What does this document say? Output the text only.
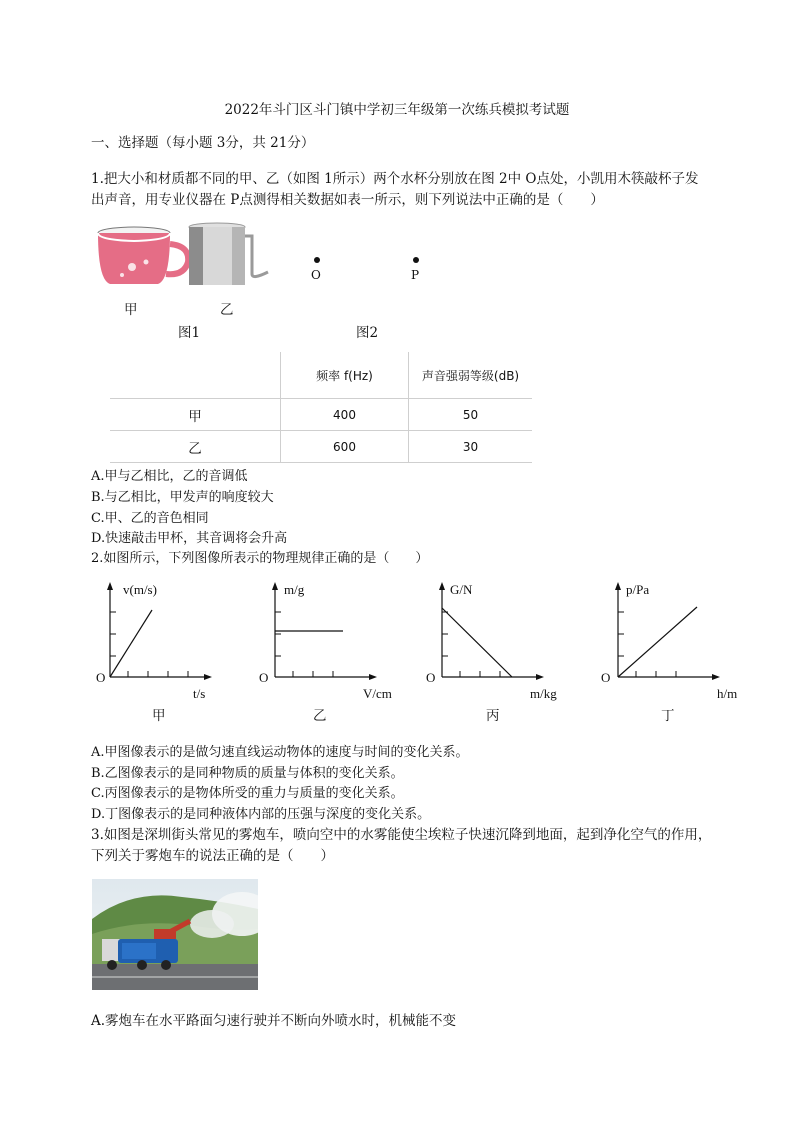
2022年斗门区斗门镇中学初三年级第一次练兵模拟考试题
一、选择题（每小题 3分，共 21分）
1.把大小和材质都不同的甲、乙（如图 1所示）两个水杯分别放在图 2中 O点处，小凯用木筷敲杯子发
出声音，用专业仪器在 P点测得相关数据如表一所示，则下列说法中正确的是（　　）
甲	乙
图1
O	P
图2
	频率 f(Hz)	声音强弱等级(dB)
甲	400	50
乙	600	30
A.甲与乙相比，乙的音调低
B.与乙相比，甲发声的响度较大
C.甲、乙的音色相同
D.快速敲击甲杯，其音调将会升高
2.如图所示，下列图像所表示的物理规律正确的是（　　）
v(m/s)
O
t/s
甲
m/g
O
V/cm
乙
G/N
O
m/kg
丙
p/Pa
O
h/m
丁
A.甲图像表示的是做匀速直线运动物体的速度与时间的变化关系。
B.乙图像表示的是同种物质的质量与体积的变化关系。
C.丙图像表示的是物体所受的重力与质量的变化关系。
D.丁图像表示的是同种液体内部的压强与深度的变化关系。
3.如图是深圳街头常见的雾炮车，喷向空中的水雾能使尘埃粒子快速沉降到地面，起到净化空气的作用，
下列关于雾炮车的说法正确的是（　　）
A.雾炮车在水平路面匀速行驶并不断向外喷水时，机械能不变
